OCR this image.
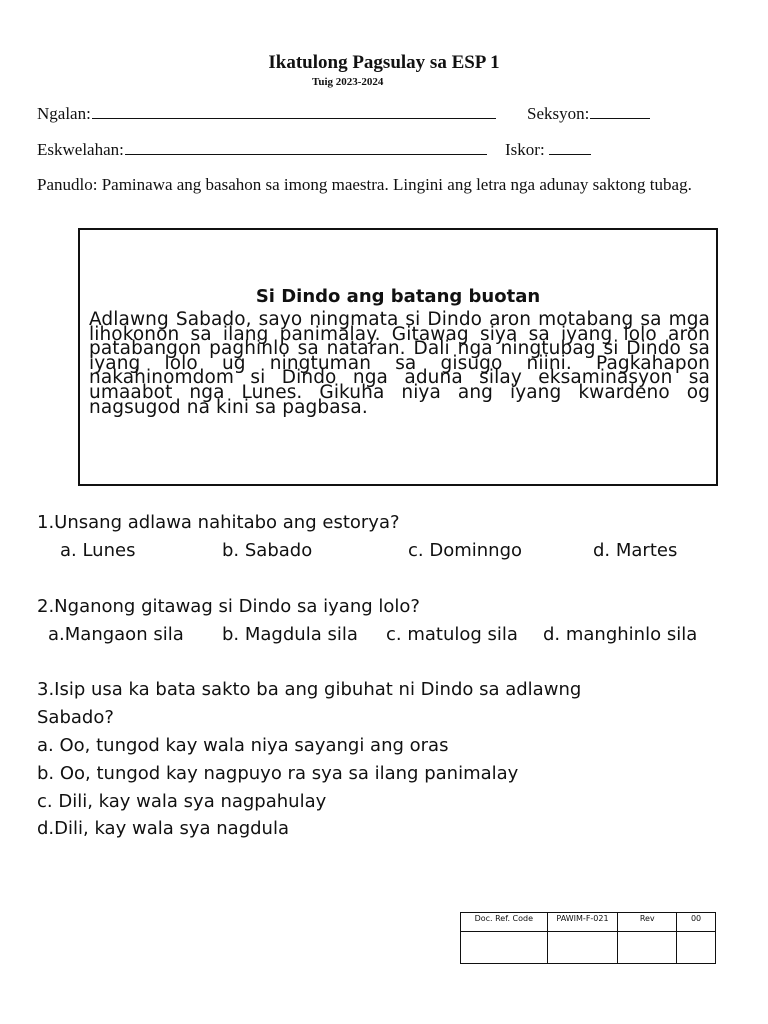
Ikatulong Pagsulay sa ESP 1
Tuig 2023-2024
Ngalan:	Seksyon:
Eskwelahan:	Iskor:
Panudlo: Paminawa ang basahon sa imong maestra. Lingini ang letra nga adunay saktong tubag.
Si Dindo ang batang buotan
Adlawng Sabado, sayo ningmata si Dindo aron motabang sa mga lihokonon sa ilang panimalay. Gitawag siya sa iyang lolo aron patabangon paghinlo sa nataran. Dali nga ningtubag si Dindo sa iyang lolo ug ningtuman sa gisugo niini. Pagkahapon nakahinomdom si Dindo nga aduna silay eksaminasyon sa umaabot nga Lunes. Gikuha niya ang iyang kwardeno og nagsugod na kini sa pagbasa.
1.Unsang adlawa nahitabo ang estorya?
a. Lunes	b. Sabado	c. Dominngo	d. Martes
2.Nganong gitawag si Dindo sa iyang lolo?
a.Mangaon sila b. Magdula sila c. matulog sila d. manghinlo sila
3.Isip usa ka bata sakto ba ang gibuhat ni Dindo sa adlawng
Sabado?
a. Oo, tungod kay wala niya sayangi ang oras
b. Oo, tungod kay nagpuyo ra sya sa ilang panimalay
c. Dili, kay wala sya nagpahulay
d.Dili, kay wala sya nagdula
Doc. Ref. Code	PAWIM-F-021	Rev	00
